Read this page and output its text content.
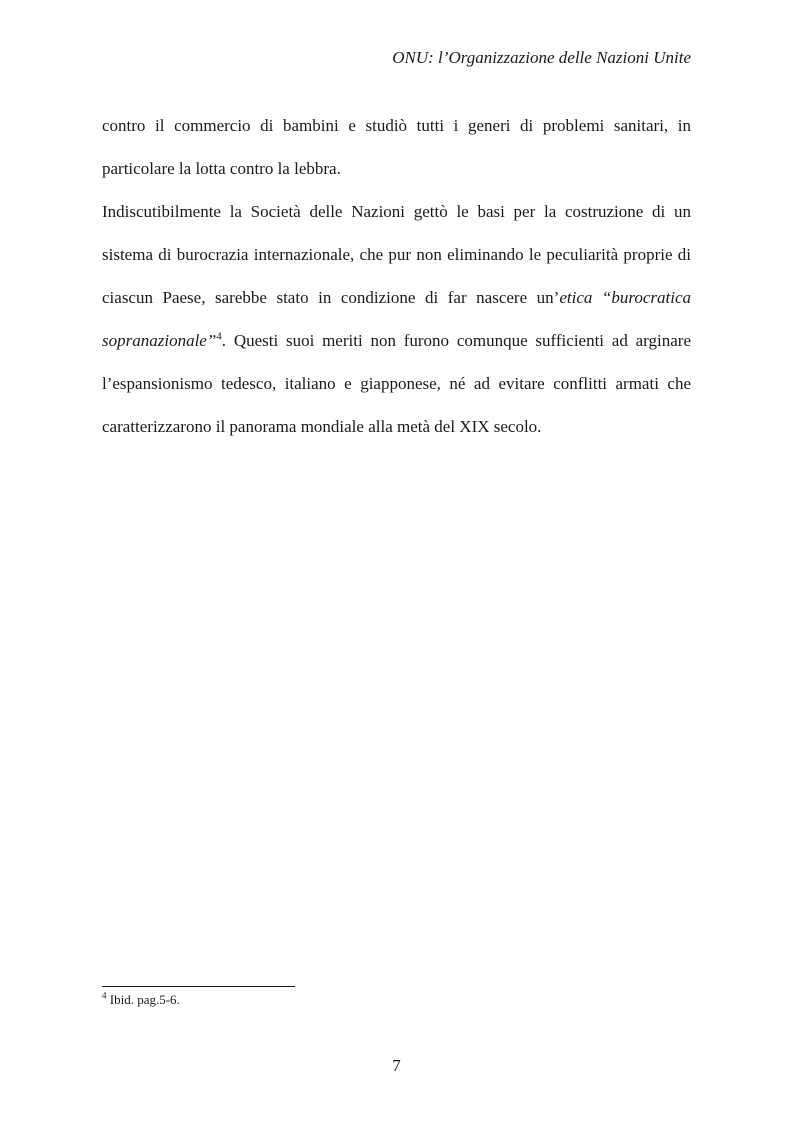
ONU: l’Organizzazione delle Nazioni Unite

contro il commercio di bambini e studiò tutti i generi di problemi sanitari, in particolare la lotta contro la lebbra.

Indiscutibilmente la Società delle Nazioni gettò le basi per la costruzione di un sistema di burocrazia internazionale, che pur non eliminando le peculiarità proprie di ciascun Paese, sarebbe stato in condizione di far nascere un’etica “burocratica sopranazionale”$^4$. Questi suoi meriti non furono comunque sufficienti ad arginare l’espansionismo tedesco, italiano e giapponese, né ad evitare conflitti armati che caratterizzarono il panorama mondiale alla metà del XIX secolo.

$^4$ Ibid. pag.5-6.

7
